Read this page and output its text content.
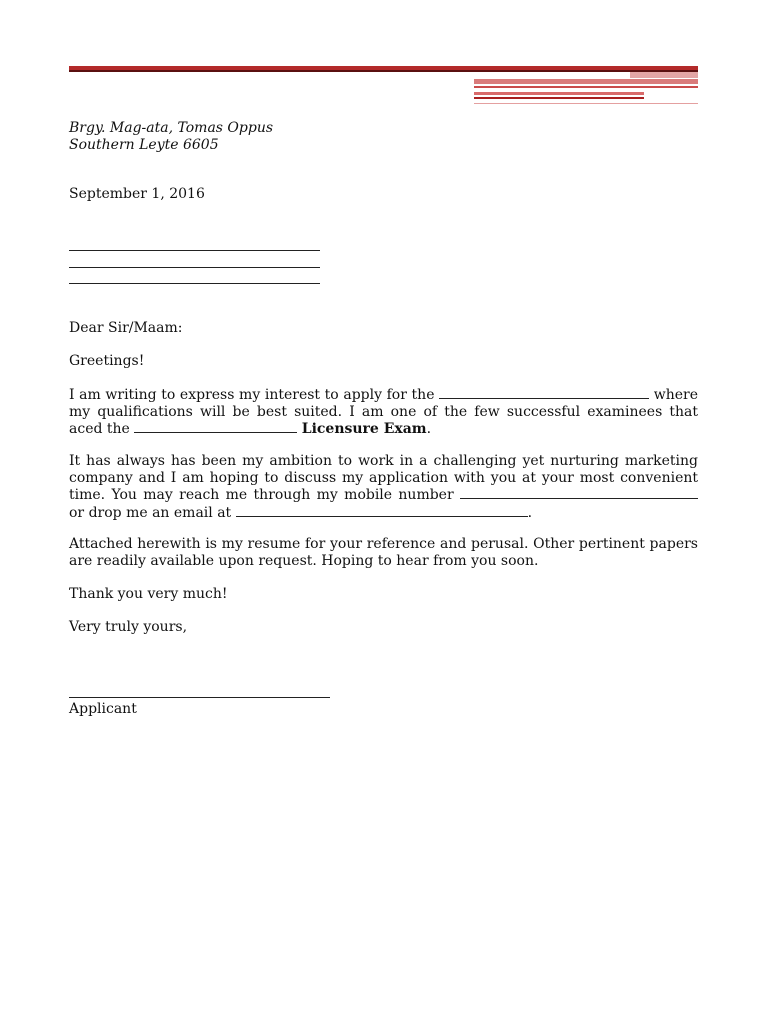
Brgy. Mag-ata, Tomas Oppus
Southern Leyte 6605
September 1, 2016
Dear Sir/Maam:
Greetings!
I am writing to express my interest to apply for the	where my qualifications will be best suited. I am one of the few successful examinees that aced the	Licensure Exam.
It has always has been my ambition to work in a challenging yet nurturing marketing company and I am hoping to discuss my application with you at your most convenient time. You may reach me through my mobile number  or drop me an email at	.
Attached herewith is my resume for your reference and perusal. Other pertinent papers are readily available upon request. Hoping to hear from you soon.
Thank you very much!
Very truly yours,
Applicant
